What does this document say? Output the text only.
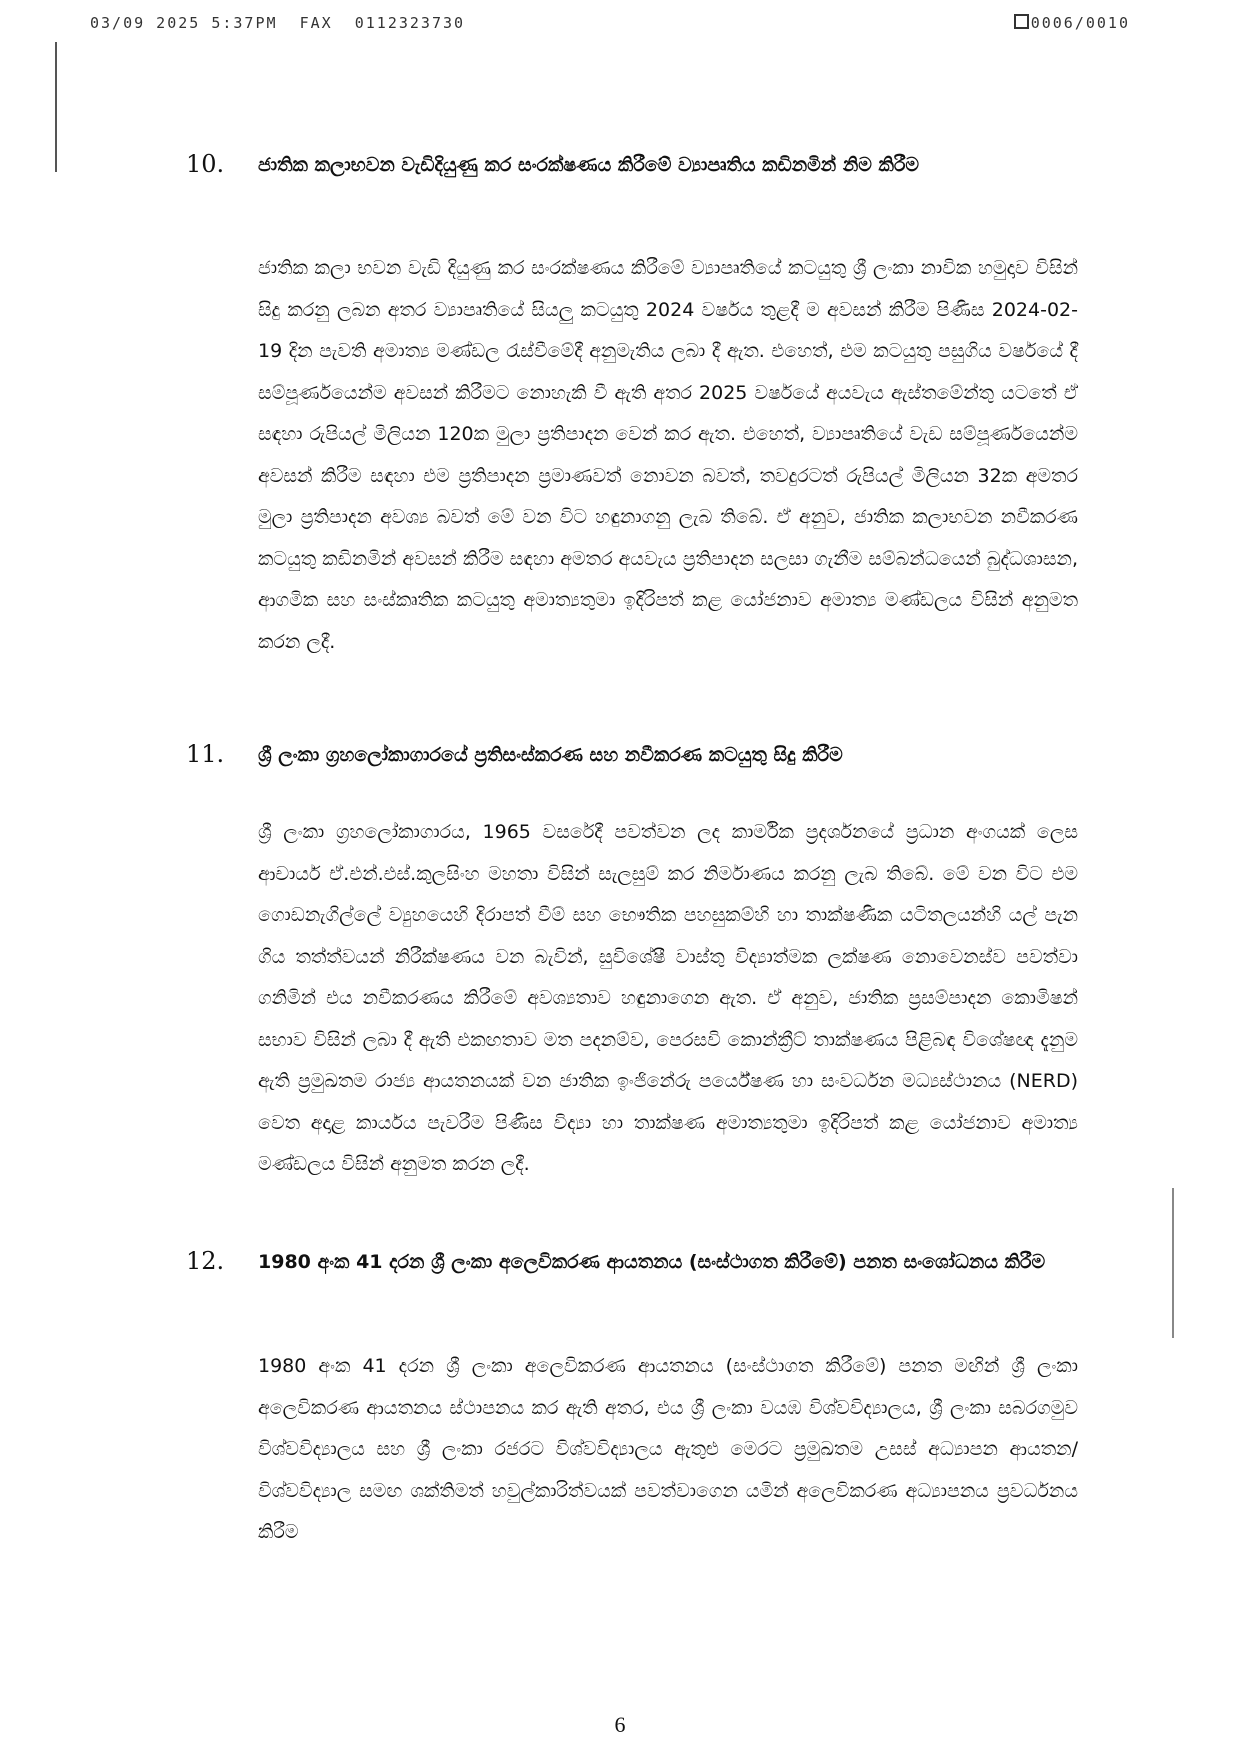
03/09 2025 5:37PM  FAX  0112323730	0006/0010
10. ජාතික කලාභවන වැඩිදියුණු කර සංරක්ෂණය කිරීමේ ව්‍යාපෘතිය කඩිනමින් නිම කිරීම
ජාතික කලා භවන වැඩි දියුණු කර සංරක්ෂණය කිරීමේ ව්‍යාපෘතියේ කටයුතු ශ්‍රී ලංකා නාවික හමුදාව විසින් සිදු කරනු ලබන අතර ව්‍යාපෘතියේ සියලු කටයුතු 2024 වර්ෂය තුළදී ම අවසන් කිරීම පිණිස 2024-02-19 දින පැවති අමාත්‍ය මණ්ඩල රැස්වීමේදී අනුමැතිය ලබා දී ඇත. එහෙත්, එම කටයුතු පසුගිය වර්ෂයේ දී සම්පූර්ණයෙන්ම අවසන් කිරීමට නොහැකි වී ඇති අතර 2025 වර්ෂයේ අයවැය ඇස්තමේන්තු යටතේ ඒ සඳහා රුපියල් මිලියන 120ක මුලා ප්‍රතිපාදන වෙන් කර ඇත. එහෙත්, ව්‍යාපෘතියේ වැඩ සම්පූර්ණයෙන්ම අවසන් කිරීම සඳහා එම ප්‍රතිපාදන ප්‍රමාණවත් නොවන බවත්, තවදුරටත් රුපියල් මිලියන 32ක අමතර මුලා ප්‍රතිපාදන අවශ්‍ය බවත් මේ වන විට හඳුනාගනු ලැබ තිබේ. ඒ අනුව, ජාතික කලාභවන නවීකරණ කටයුතු කඩිනමින් අවසන් කිරීම සඳහා අමතර අයවැය ප්‍රතිපාදන සලසා ගැනීම සම්බන්ධයෙන් බුද්ධශාසන, ආගමික සහ සංස්කෘතික කටයුතු අමාත්‍යතුමා ඉදිරිපත් කළ යෝජනාව අමාත්‍ය මණ්ඩලය විසින් අනුමත කරන ලදී.
11. ශ්‍රී ලංකා ග්‍රහලෝකාගාරයේ ප්‍රතිසංස්කරණ සහ නවීකරණ කටයුතු සිදු කිරීම
ශ්‍රී ලංකා ග්‍රහලෝකාගාරය, 1965 වසරේදී පවත්වන ලද කාර්මික ප්‍රදර්ශනයේ ප්‍රධාන අංගයක් ලෙස ආචාර්ය ඒ.එන්.එස්.කුලසිංහ මහතා විසින් සැලසුම් කර නිර්මාණය කරනු ලැබ තිබේ. මේ වන විට එම ගොඩනැගිල්ලේ ව්‍යුහයෙහි දිරාපත් වීම් සහ භෞතික පහසුකම්හි හා තාක්ෂණික යටිතලයන්හි යල් පැන ගිය තත්ත්වයන් නිරීක්ෂණය වන බැවින්, සුවිශේෂී වාස්තු විද්‍යාත්මක ලක්ෂණ නොවෙනස්ව පවත්වා ගනිමින් එය නවීකරණය කිරීමේ අවශ්‍යතාව හඳුනාගෙන ඇත. ඒ අනුව, ජාතික ප්‍රසම්පාදන කොමිෂන් සභාව විසින් ලබා දී ඇති එකඟතාව මත පදනම්ව, පෙරසවි කොන්ක්‍රීට් තාක්ෂණය පිළිබඳ විශේෂඥ දැනුම ඇති ප්‍රමුඛතම රාජ්‍ය ආයතනයක් වන ජාතික ඉංජිනේරු පර්යේෂණ හා සංවර්ධන මධ්‍යස්ථානය (NERD) වෙත අදාළ කාර්යය පැවරීම පිණිස විද්‍යා හා තාක්ෂණ අමාත්‍යතුමා ඉදිරිපත් කළ යෝජනාව අමාත්‍ය මණ්ඩලය විසින් අනුමත කරන ලදී.
12. 1980 අංක 41 දරන ශ්‍රී ලංකා අලෙවිකරණ ආයතනය (සංස්ථාගත කිරීමේ) පනත සංශෝධනය කිරීම
1980 අංක 41 දරන ශ්‍රී ලංකා අලෙවිකරණ ආයතනය (සංස්ථාගත කිරීමේ) පනත මඟින් ශ්‍රී ලංකා අලෙවිකරණ ආයතනය ස්ථාපනය කර ඇති අතර, එය ශ්‍රී ලංකා වයඹ විශ්වවිද්‍යාලය, ශ්‍රී ලංකා සබරගමුව විශ්වවිද්‍යාලය සහ ශ්‍රී ලංකා රජරට විශ්වවිද්‍යාලය ඇතුළු මෙරට ප්‍රමුඛතම උසස් අධ්‍යාපන ආයතන/විශ්වවිද්‍යාල සමඟ ශක්තිමත් හවුල්කාරිත්වයක් පවත්වාගෙන යමින් අලෙවිකරණ අධ්‍යාපනය ප්‍රවර්ධනය කිරීම
6
